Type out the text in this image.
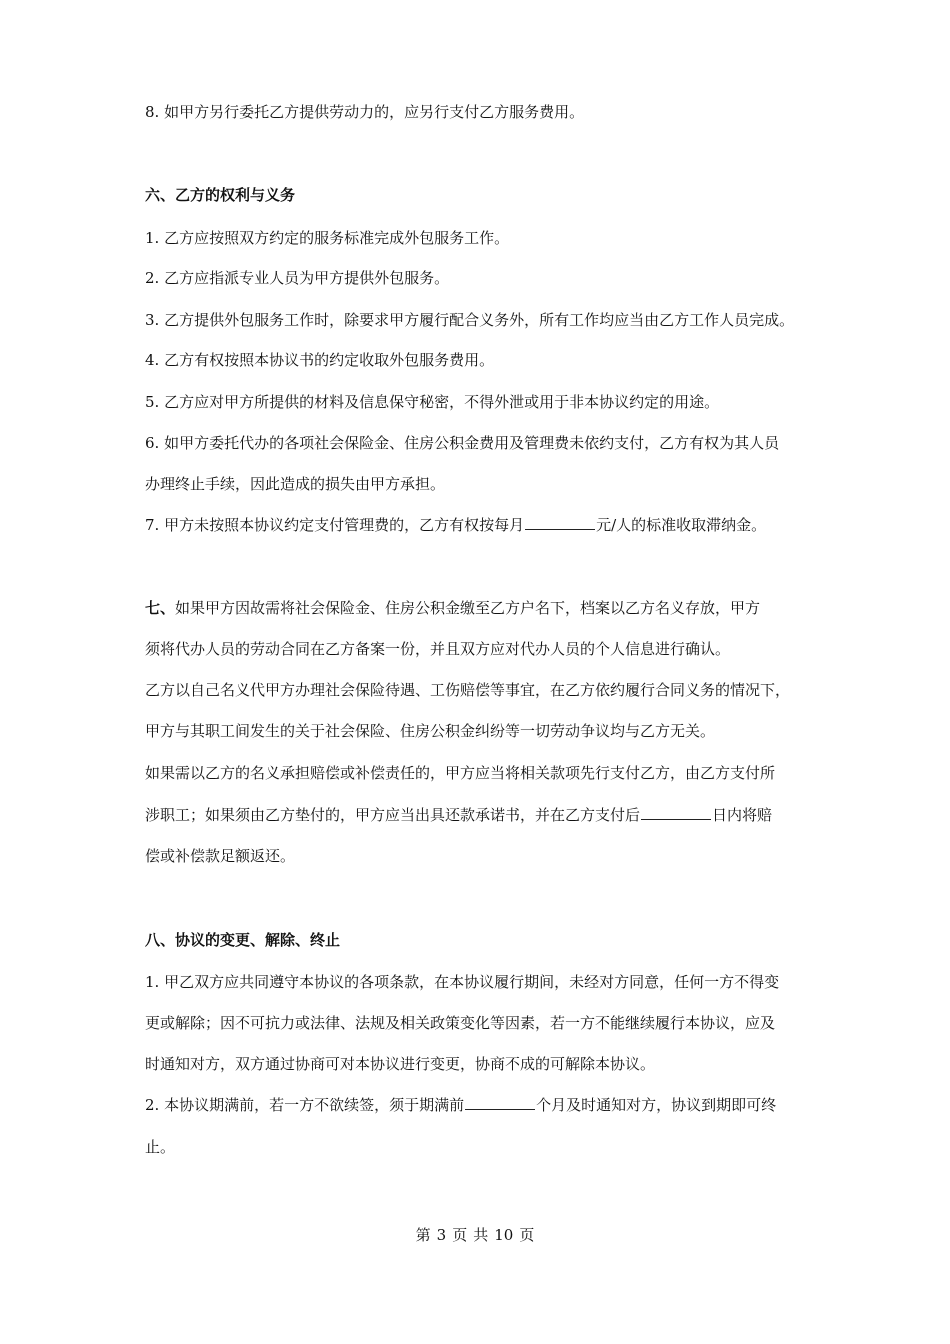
8. 如甲方另行委托乙方提供劳动力的，应另行支付乙方服务费用。
六、乙方的权利与义务
1. 乙方应按照双方约定的服务标准完成外包服务工作。
2. 乙方应指派专业人员为甲方提供外包服务。
3. 乙方提供外包服务工作时，除要求甲方履行配合义务外，所有工作均应当由乙方工作人员完成。
4. 乙方有权按照本协议书的约定收取外包服务费用。
5. 乙方应对甲方所提供的材料及信息保守秘密，不得外泄或用于非本协议约定的用途。
6. 如甲方委托代办的各项社会保险金、住房公积金费用及管理费未依约支付，乙方有权为其人员
办理终止手续，因此造成的损失由甲方承担。
7. 甲方未按照本协议约定支付管理费的，乙方有权按每月	元/人的标准收取滞纳金。
七、如果甲方因故需将社会保险金、住房公积金缴至乙方户名下，档案以乙方名义存放，甲方
须将代办人员的劳动合同在乙方备案一份，并且双方应对代办人员的个人信息进行确认。
乙方以自己名义代甲方办理社会保险待遇、工伤赔偿等事宜，在乙方依约履行合同义务的情况下，
甲方与其职工间发生的关于社会保险、住房公积金纠纷等一切劳动争议均与乙方无关。
如果需以乙方的名义承担赔偿或补偿责任的，甲方应当将相关款项先行支付乙方，由乙方支付所
涉职工；如果须由乙方垫付的，甲方应当出具还款承诺书，并在乙方支付后	日内将赔
偿或补偿款足额返还。
八、协议的变更、解除、终止
1. 甲乙双方应共同遵守本协议的各项条款，在本协议履行期间，未经对方同意，任何一方不得变
更或解除；因不可抗力或法律、法规及相关政策变化等因素，若一方不能继续履行本协议，应及
时通知对方，双方通过协商可对本协议进行变更，协商不成的可解除本协议。
2. 本协议期满前，若一方不欲续签，须于期满前	个月及时通知对方，协议到期即可终
止。
第 3 页 共 10 页
